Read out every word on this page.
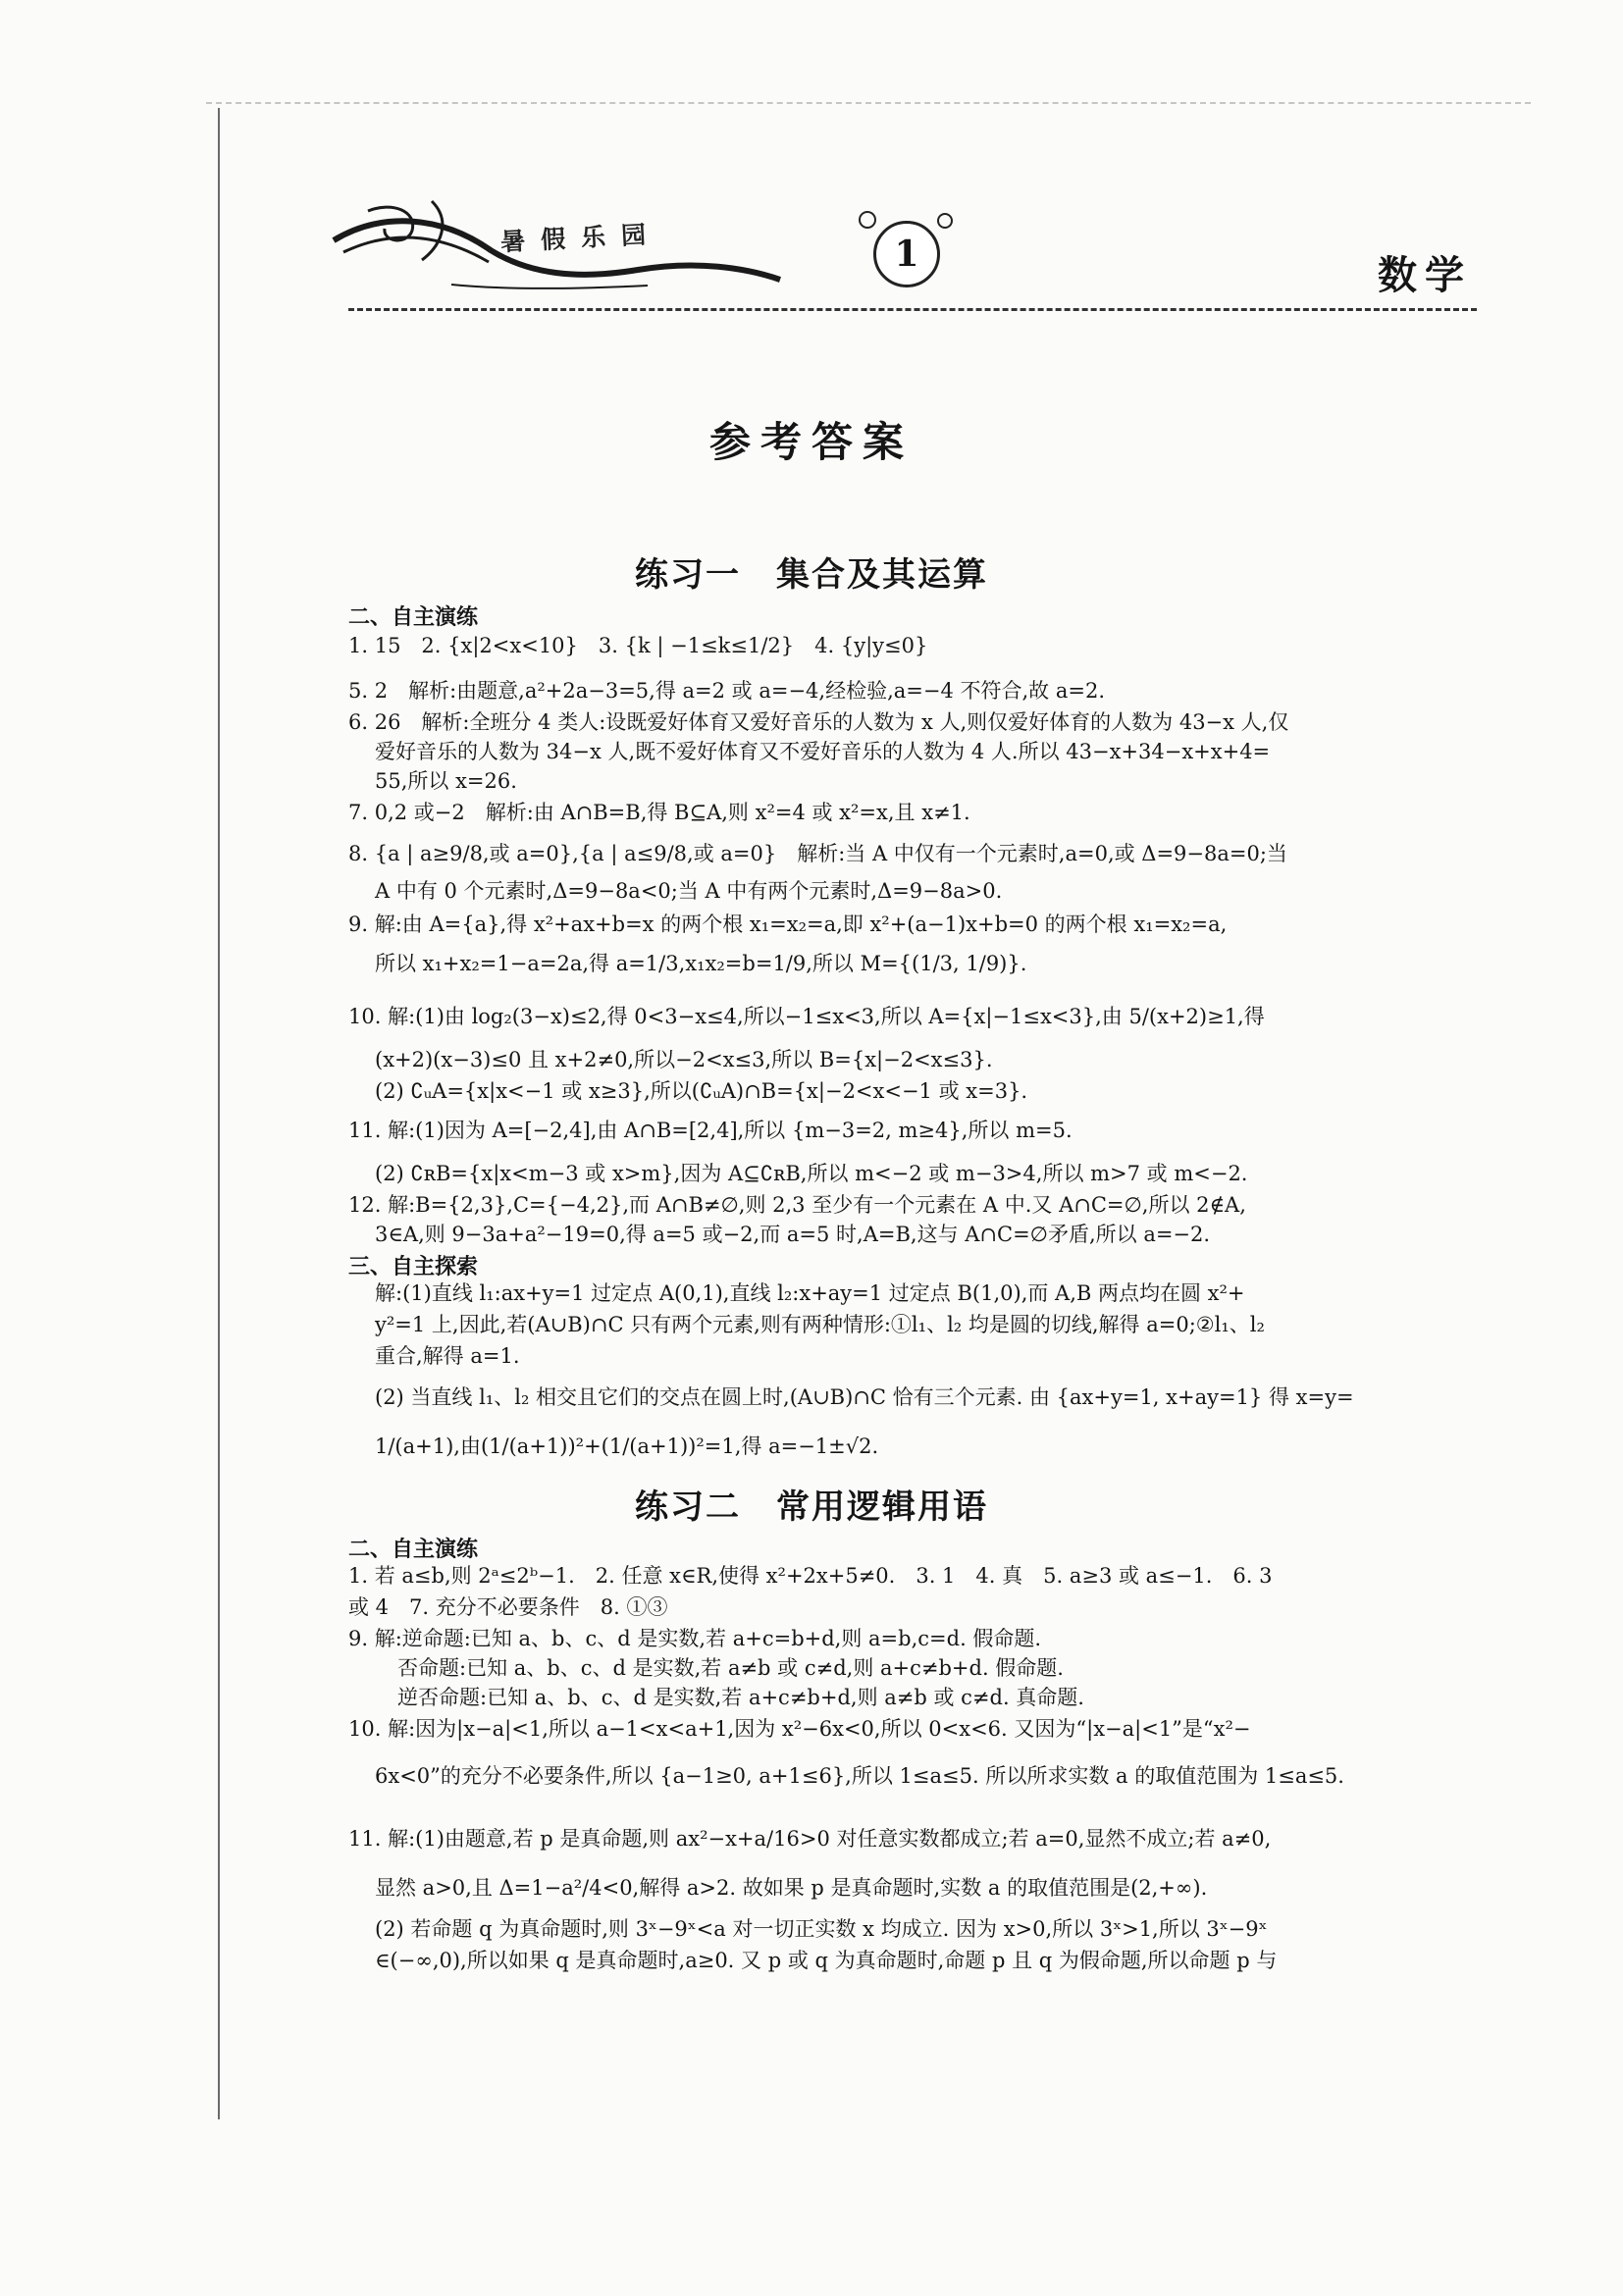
暑假乐园	1	数学
参考答案
练习一　集合及其运算
二、自主演练
1. 15　2. {x|2<x<10}　3. {k | −1≤k≤1/2}　4. {y|y≤0}
5. 2　解析:由题意,a²+2a−3=5,得 a=2 或 a=−4,经检验,a=−4 不符合,故 a=2.
6. 26　解析:全班分 4 类人:设既爱好体育又爱好音乐的人数为 x 人,则仅爱好体育的人数为 43−x 人,仅
爱好音乐的人数为 34−x 人,既不爱好体育又不爱好音乐的人数为 4 人.所以 43−x+34−x+x+4=
55,所以 x=26.
7. 0,2 或−2　解析:由 A∩B=B,得 B⊆A,则 x²=4 或 x²=x,且 x≠1.
8. {a | a≥9/8,或 a=0},{a | a≤9/8,或 a=0}　解析:当 A 中仅有一个元素时,a=0,或 Δ=9−8a=0;当
A 中有 0 个元素时,Δ=9−8a<0;当 A 中有两个元素时,Δ=9−8a>0.
9. 解:由 A={a},得 x²+ax+b=x 的两个根 x₁=x₂=a,即 x²+(a−1)x+b=0 的两个根 x₁=x₂=a,
所以 x₁+x₂=1−a=2a,得 a=1/3,x₁x₂=b=1/9,所以 M={(1/3, 1/9)}.
10. 解:(1)由 log₂(3−x)≤2,得 0<3−x≤4,所以−1≤x<3,所以 A={x|−1≤x<3},由 5/(x+2)≥1,得
(x+2)(x−3)≤0 且 x+2≠0,所以−2<x≤3,所以 B={x|−2<x≤3}.
(2) ∁ᵤA={x|x<−1 或 x≥3},所以(∁ᵤA)∩B={x|−2<x<−1 或 x=3}.
11. 解:(1)因为 A=[−2,4],由 A∩B=[2,4],所以 {m−3=2, m≥4},所以 m=5.
(2) ∁ʀB={x|x<m−3 或 x>m},因为 A⊆∁ʀB,所以 m<−2 或 m−3>4,所以 m>7 或 m<−2.
12. 解:B={2,3},C={−4,2},而 A∩B≠∅,则 2,3 至少有一个元素在 A 中.又 A∩C=∅,所以 2∉A,
3∈A,则 9−3a+a²−19=0,得 a=5 或−2,而 a=5 时,A=B,这与 A∩C=∅矛盾,所以 a=−2.
三、自主探索
解:(1)直线 l₁:ax+y=1 过定点 A(0,1),直线 l₂:x+ay=1 过定点 B(1,0),而 A,B 两点均在圆 x²+
y²=1 上,因此,若(A∪B)∩C 只有两个元素,则有两种情形:①l₁、l₂ 均是圆的切线,解得 a=0;②l₁、l₂
重合,解得 a=1.
(2) 当直线 l₁、l₂ 相交且它们的交点在圆上时,(A∪B)∩C 恰有三个元素. 由 {ax+y=1, x+ay=1} 得 x=y=
1/(a+1),由(1/(a+1))²+(1/(a+1))²=1,得 a=−1±√2.
练习二　常用逻辑用语
二、自主演练
1. 若 a≤b,则 2ᵃ≤2ᵇ−1.　2. 任意 x∈R,使得 x²+2x+5≠0.　3. 1　4. 真　5. a≥3 或 a≤−1.　6. 3
或 4　7. 充分不必要条件　8. ①③
9. 解:逆命题:已知 a、b、c、d 是实数,若 a+c=b+d,则 a=b,c=d. 假命题.
否命题:已知 a、b、c、d 是实数,若 a≠b 或 c≠d,则 a+c≠b+d. 假命题.
逆否命题:已知 a、b、c、d 是实数,若 a+c≠b+d,则 a≠b 或 c≠d. 真命题.
10. 解:因为|x−a|<1,所以 a−1<x<a+1,因为 x²−6x<0,所以 0<x<6. 又因为“|x−a|<1”是“x²−
6x<0”的充分不必要条件,所以 {a−1≥0, a+1≤6},所以 1≤a≤5. 所以所求实数 a 的取值范围为 1≤a≤5.
11. 解:(1)由题意,若 p 是真命题,则 ax²−x+a/16>0 对任意实数都成立;若 a=0,显然不成立;若 a≠0,
显然 a>0,且 Δ=1−a²/4<0,解得 a>2. 故如果 p 是真命题时,实数 a 的取值范围是(2,+∞).
(2) 若命题 q 为真命题时,则 3ˣ−9ˣ<a 对一切正实数 x 均成立. 因为 x>0,所以 3ˣ>1,所以 3ˣ−9ˣ
∈(−∞,0),所以如果 q 是真命题时,a≥0. 又 p 或 q 为真命题时,命题 p 且 q 为假命题,所以命题 p 与
